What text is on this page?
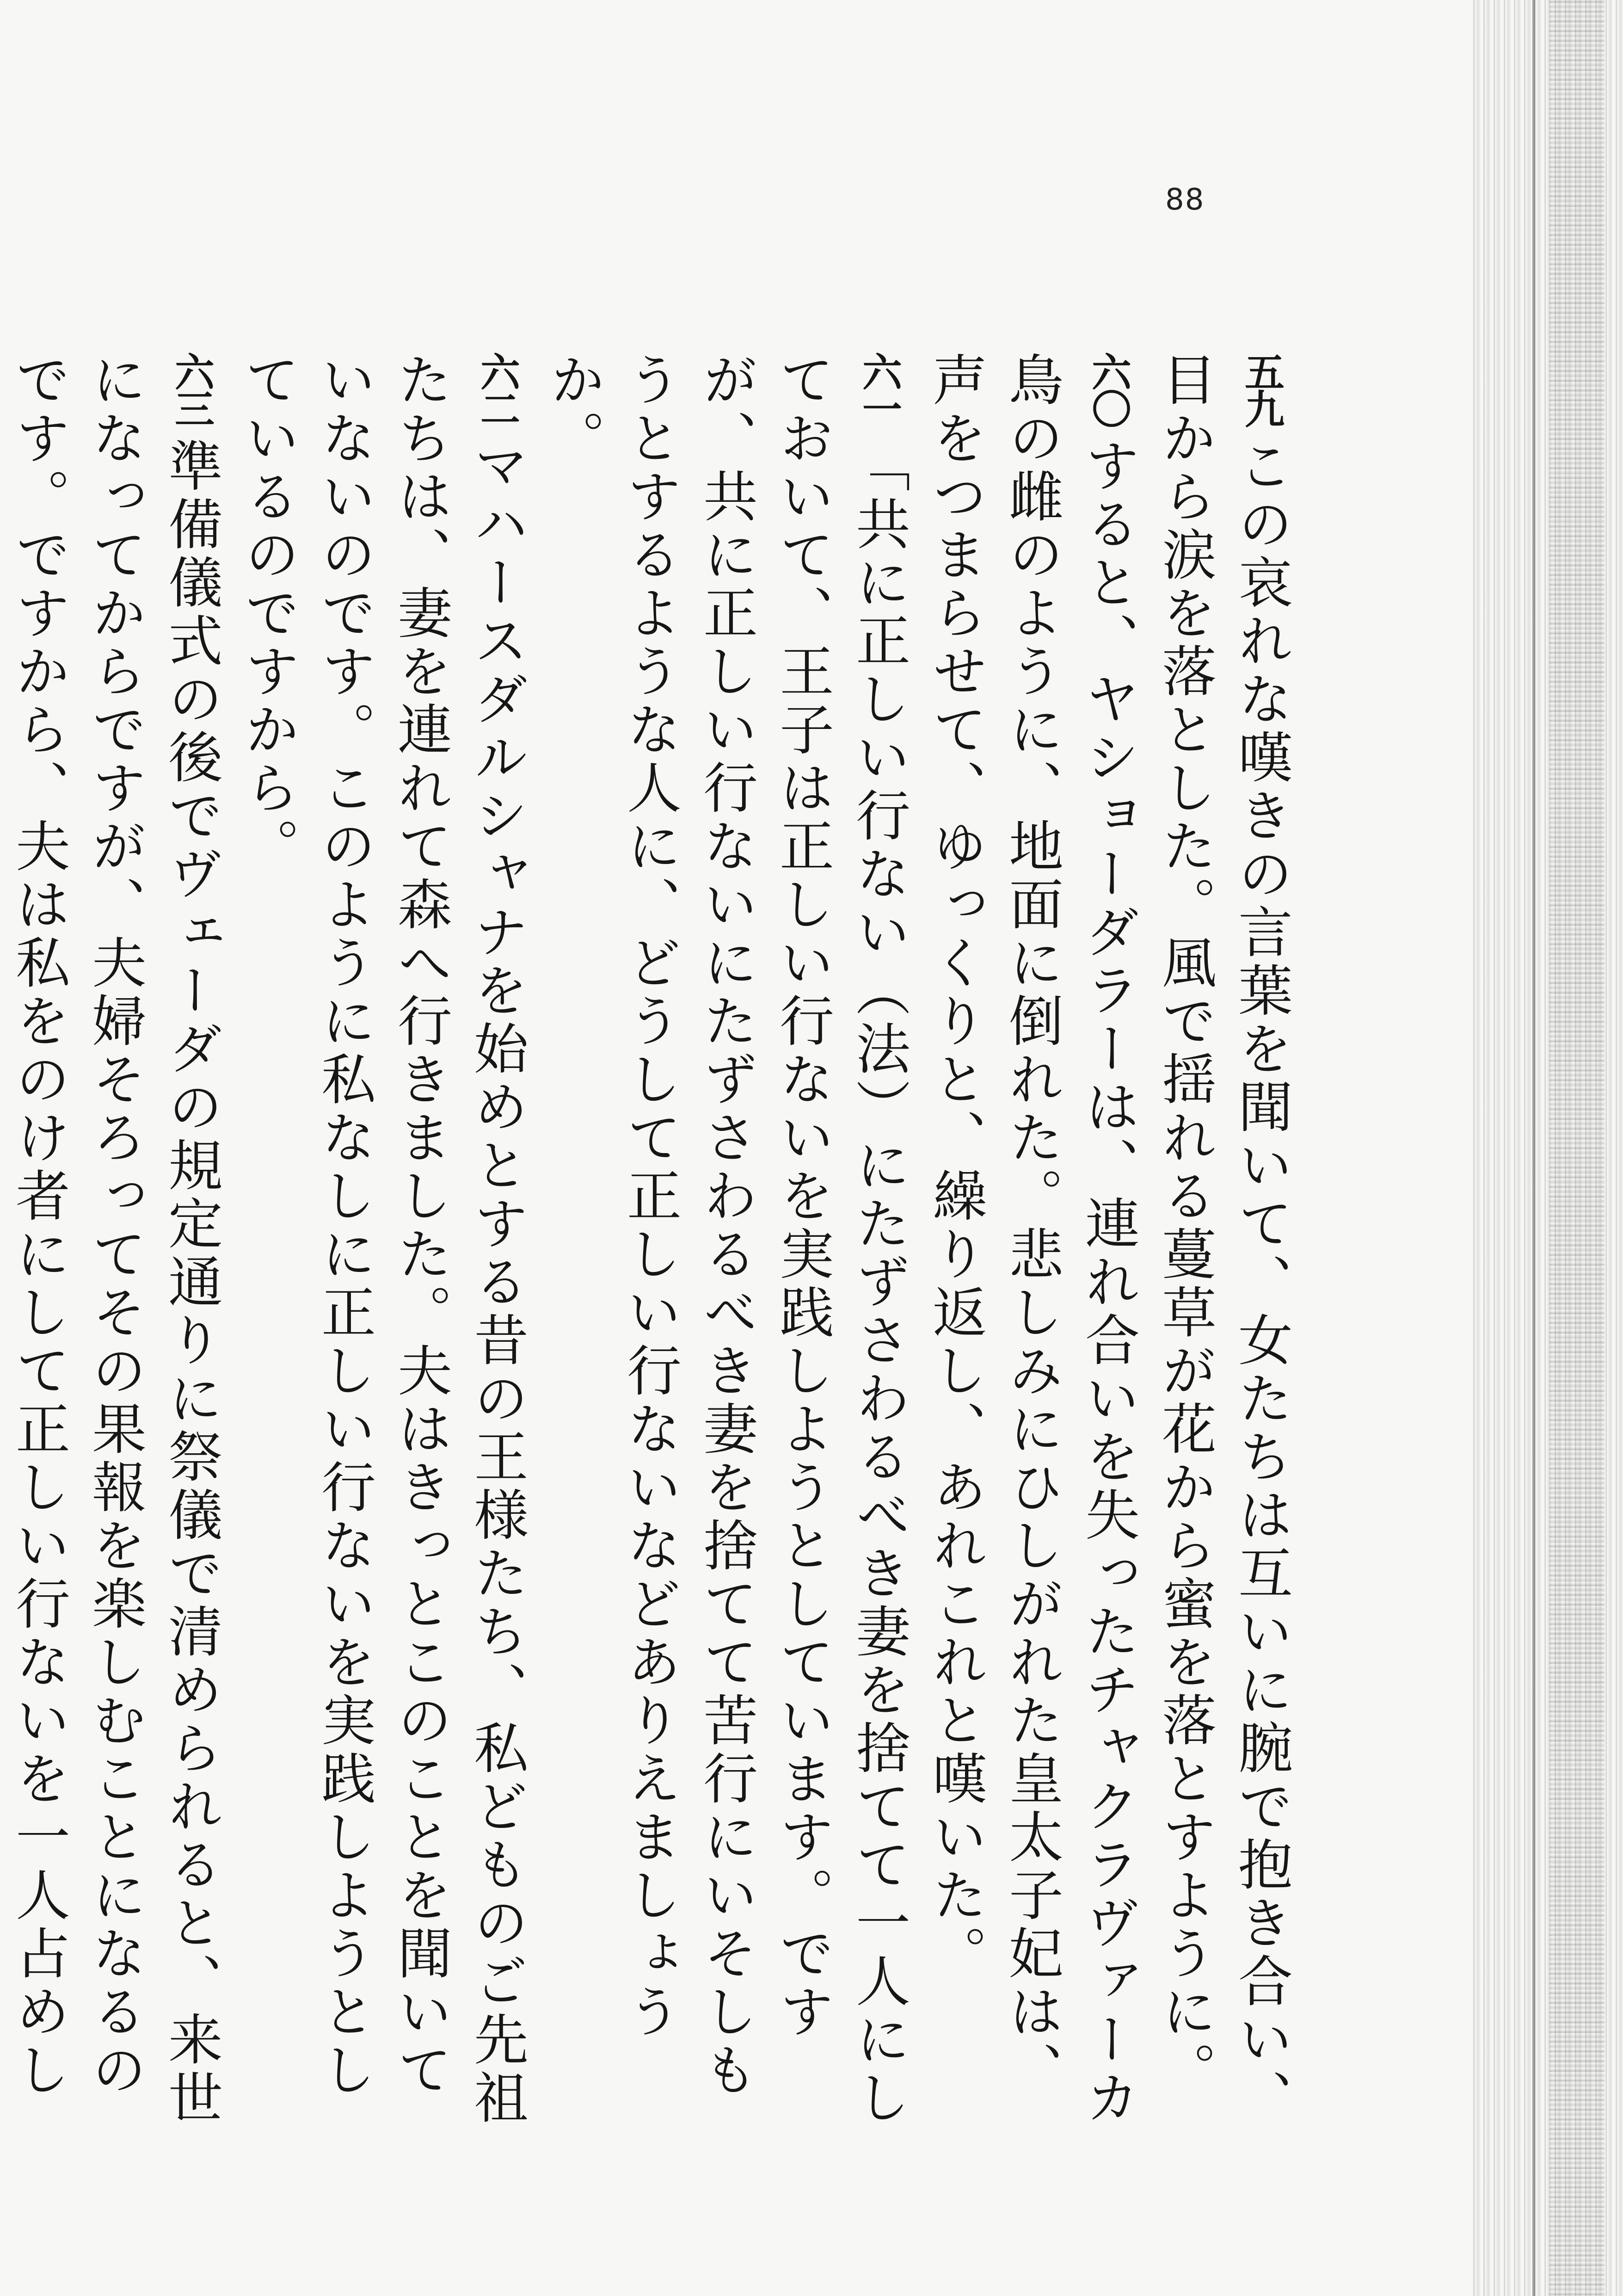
88

五九この哀れな嘆きの言葉を聞いて、女たちは互いに腕で抱き合い、目から涙を落とした。風で揺れる蔓草が花から蜜を落とすように。

六〇すると、ヤショーダラーは、連れ合いを失ったチャクラヴァーカ鳥の雌のように、地面に倒れた。悲しみにひしがれた皇太子妃は、声をつまらせて、ゆっくりと、繰り返し、あれこれと嘆いた。

六一「共に正しい行ない（法）にたずさわるべき妻を捨てて一人にしておいて、王子は正しい行ないを実践しようとしています。ですが、共に正しい行ないにたずさわるべき妻を捨てて苦行にいそしもうとするような人に、どうして正しい行ないなどありえましょうか。

六二マハースダルシャナを始めとする昔の王様たち、私どものご先祖たちは、妻を連れて森へ行きました。夫はきっとこのことを聞いていないのです。このように私なしに正しい行ないを実践しようとしているのですから。

六三準備儀式の後でヴェーダの規定通りに祭儀で清められると、来世になってからですが、夫婦そろってその果報を楽しむことになるのです。ですから、夫は私をのけ者にして正しい行ないを一人占めし
